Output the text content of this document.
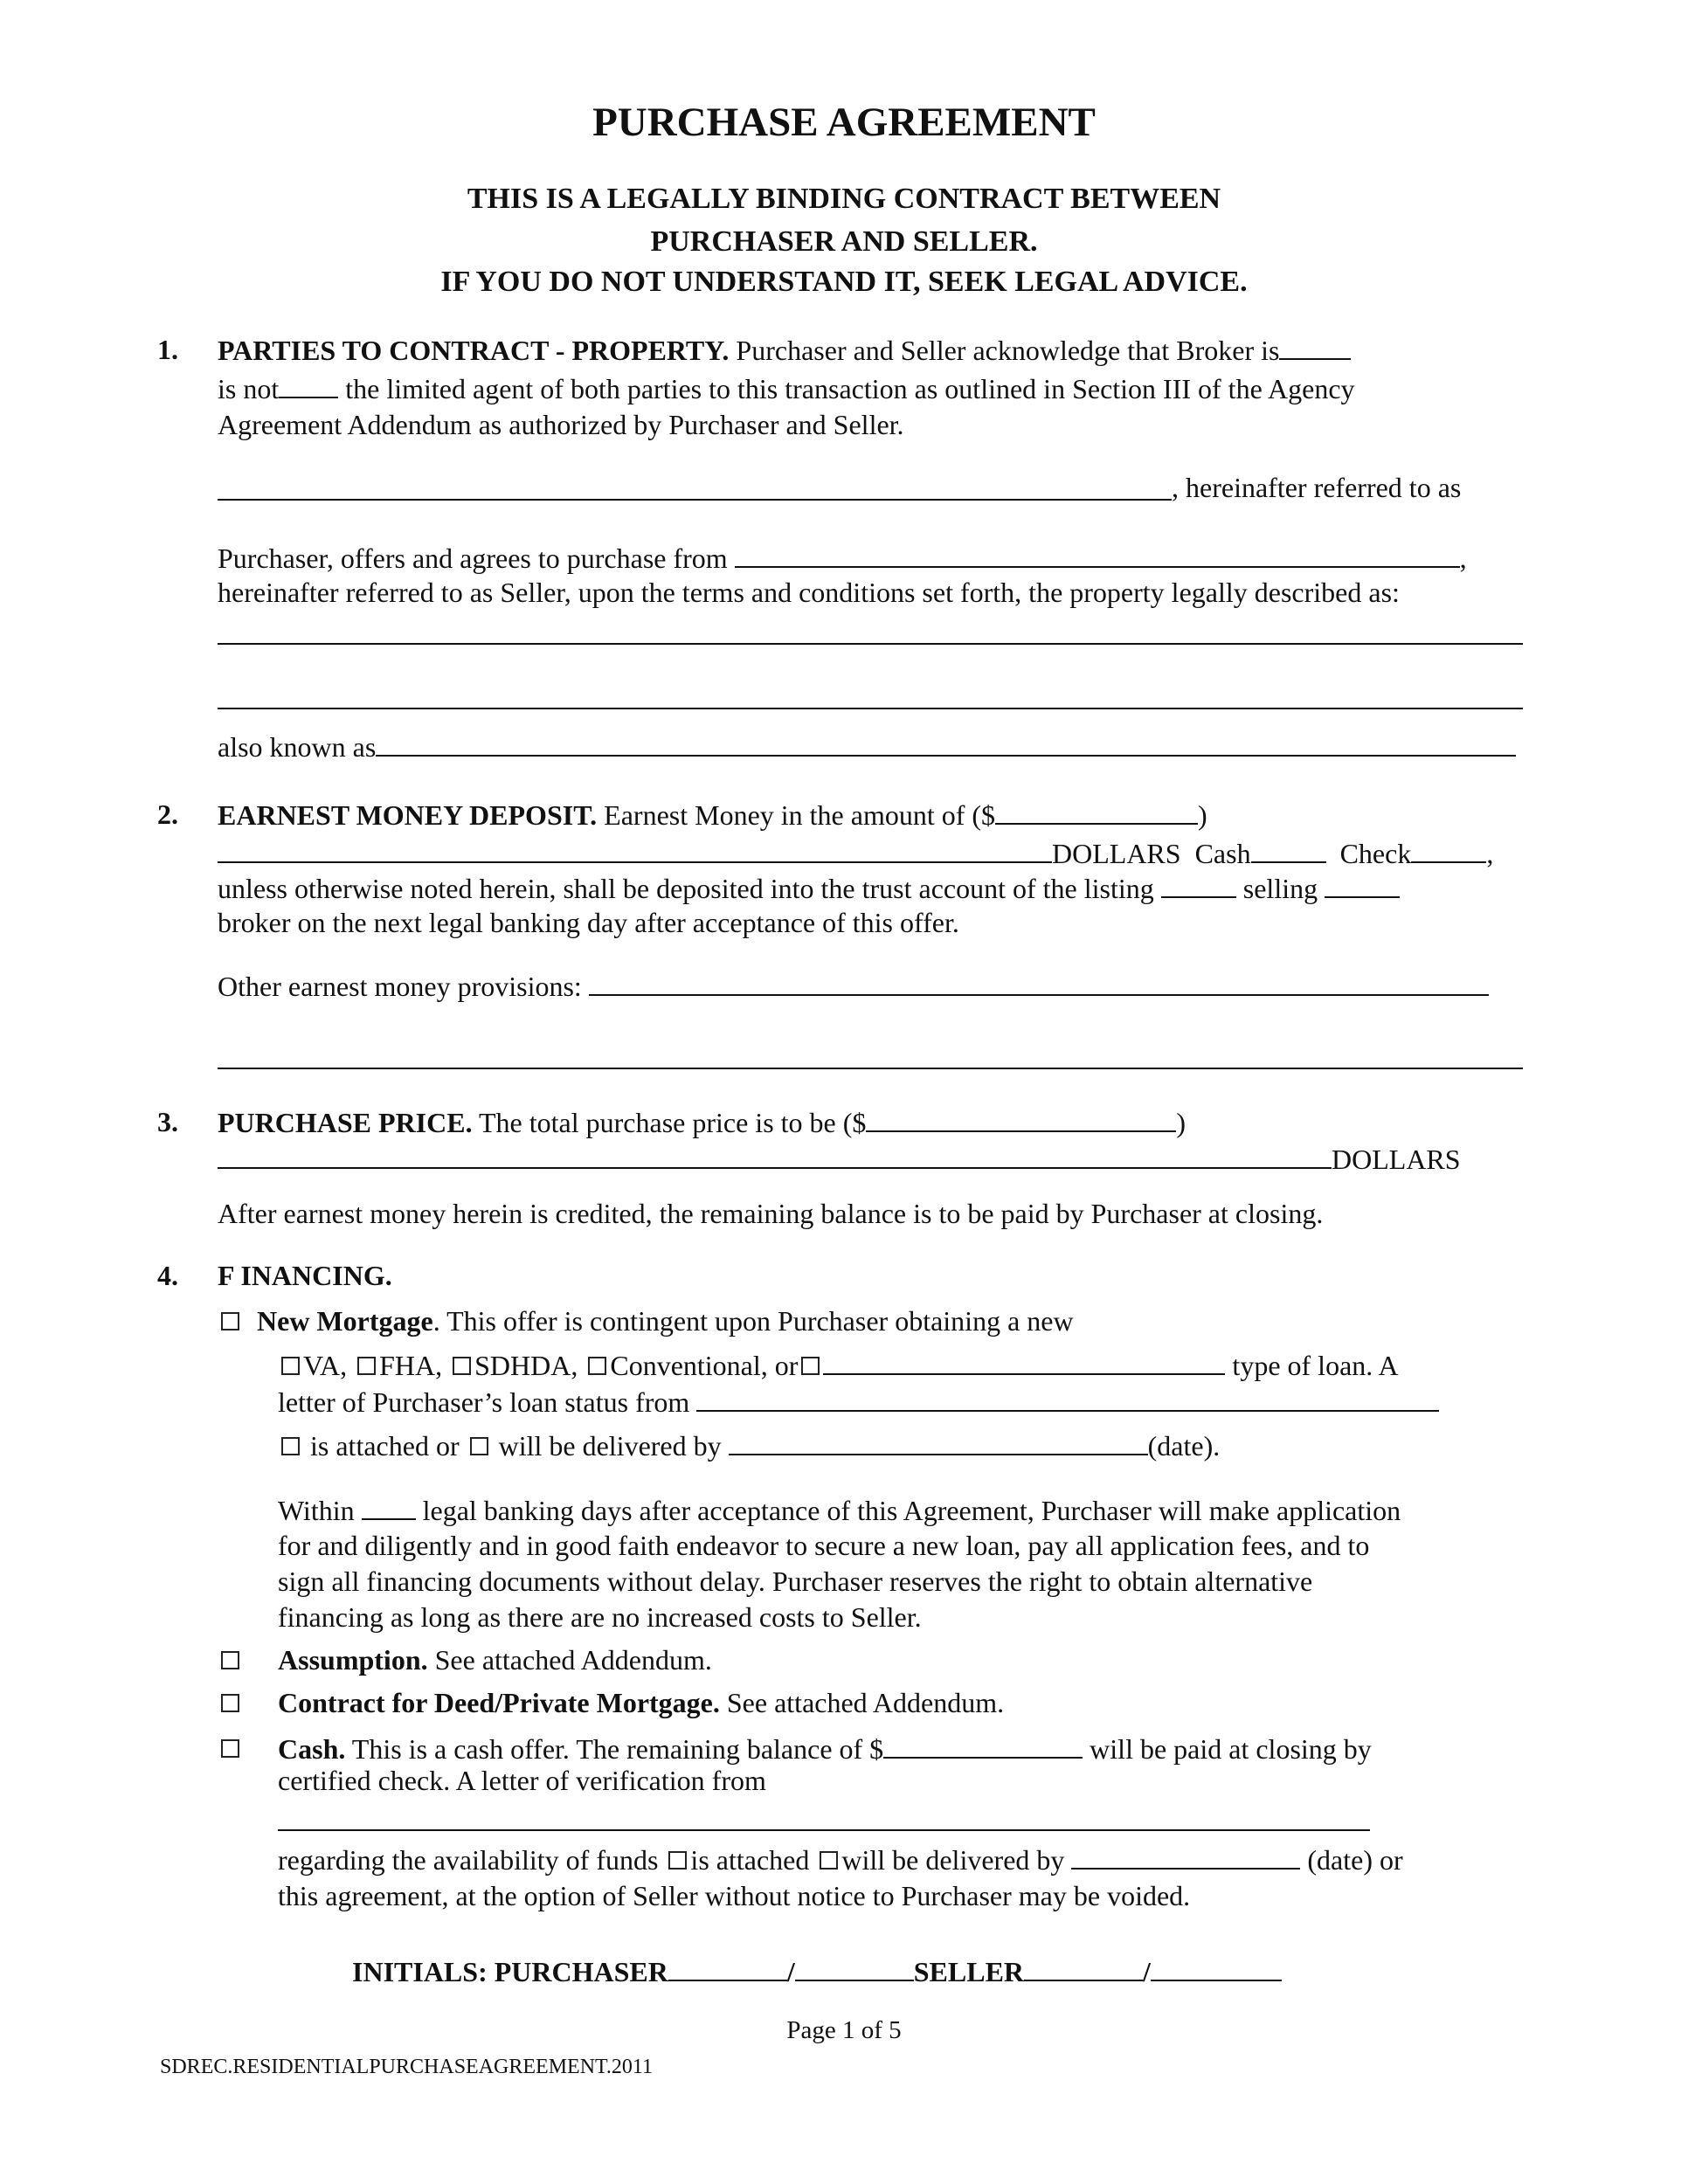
PURCHASE AGREEMENT
THIS IS A LEGALLY BINDING CONTRACT BETWEEN
PURCHASER AND SELLER.
IF YOU DO NOT UNDERSTAND IT, SEEK LEGAL ADVICE.
1. PARTIES TO CONTRACT - PROPERTY. Purchaser and Seller acknowledge that Broker is
is not the limited agent of both parties to this transaction as outlined in Section III of the Agency
Agreement Addendum as authorized by Purchaser and Seller.
, hereinafter referred to as
Purchaser, offers and agrees to purchase from	,
hereinafter referred to as Seller, upon the terms and conditions set forth, the property legally described as:
also known as
2. EARNEST MONEY DEPOSIT. Earnest Money in the amount of ($	)
DOLLARS Cash	Check	,
unless otherwise noted herein, shall be deposited into the trust account of the listing	selling
broker on the next legal banking day after acceptance of this offer.
Other earnest money provisions:
3. PURCHASE PRICE. The total purchase price is to be ($	)
DOLLARS
After earnest money herein is credited, the remaining balance is to be paid by Purchaser at closing.
4. F INANCING.
New Mortgage. This offer is contingent upon Purchaser obtaining a new
VA, FHA, SDHDA, Conventional, or	type of loan. A
letter of Purchaser’s loan status from
is attached or will be delivered by	(date).
Within legal banking days after acceptance of this Agreement, Purchaser will make application
for and diligently and in good faith endeavor to secure a new loan, pay all application fees, and to
sign all financing documents without delay. Purchaser reserves the right to obtain alternative
financing as long as there are no increased costs to Seller.
Assumption. See attached Addendum.
Contract for Deed/Private Mortgage. See attached Addendum.
Cash. This is a cash offer. The remaining balance of $	will be paid at closing by
certified check. A letter of verification from
regarding the availability of funds is attached will be delivered by	(date) or
this agreement, at the option of Seller without notice to Purchaser may be voided.
INITIALS: PURCHASER	/	SELLER	/
Page 1 of 5
SDREC.RESIDENTIALPURCHASEAGREEMENT.2011
